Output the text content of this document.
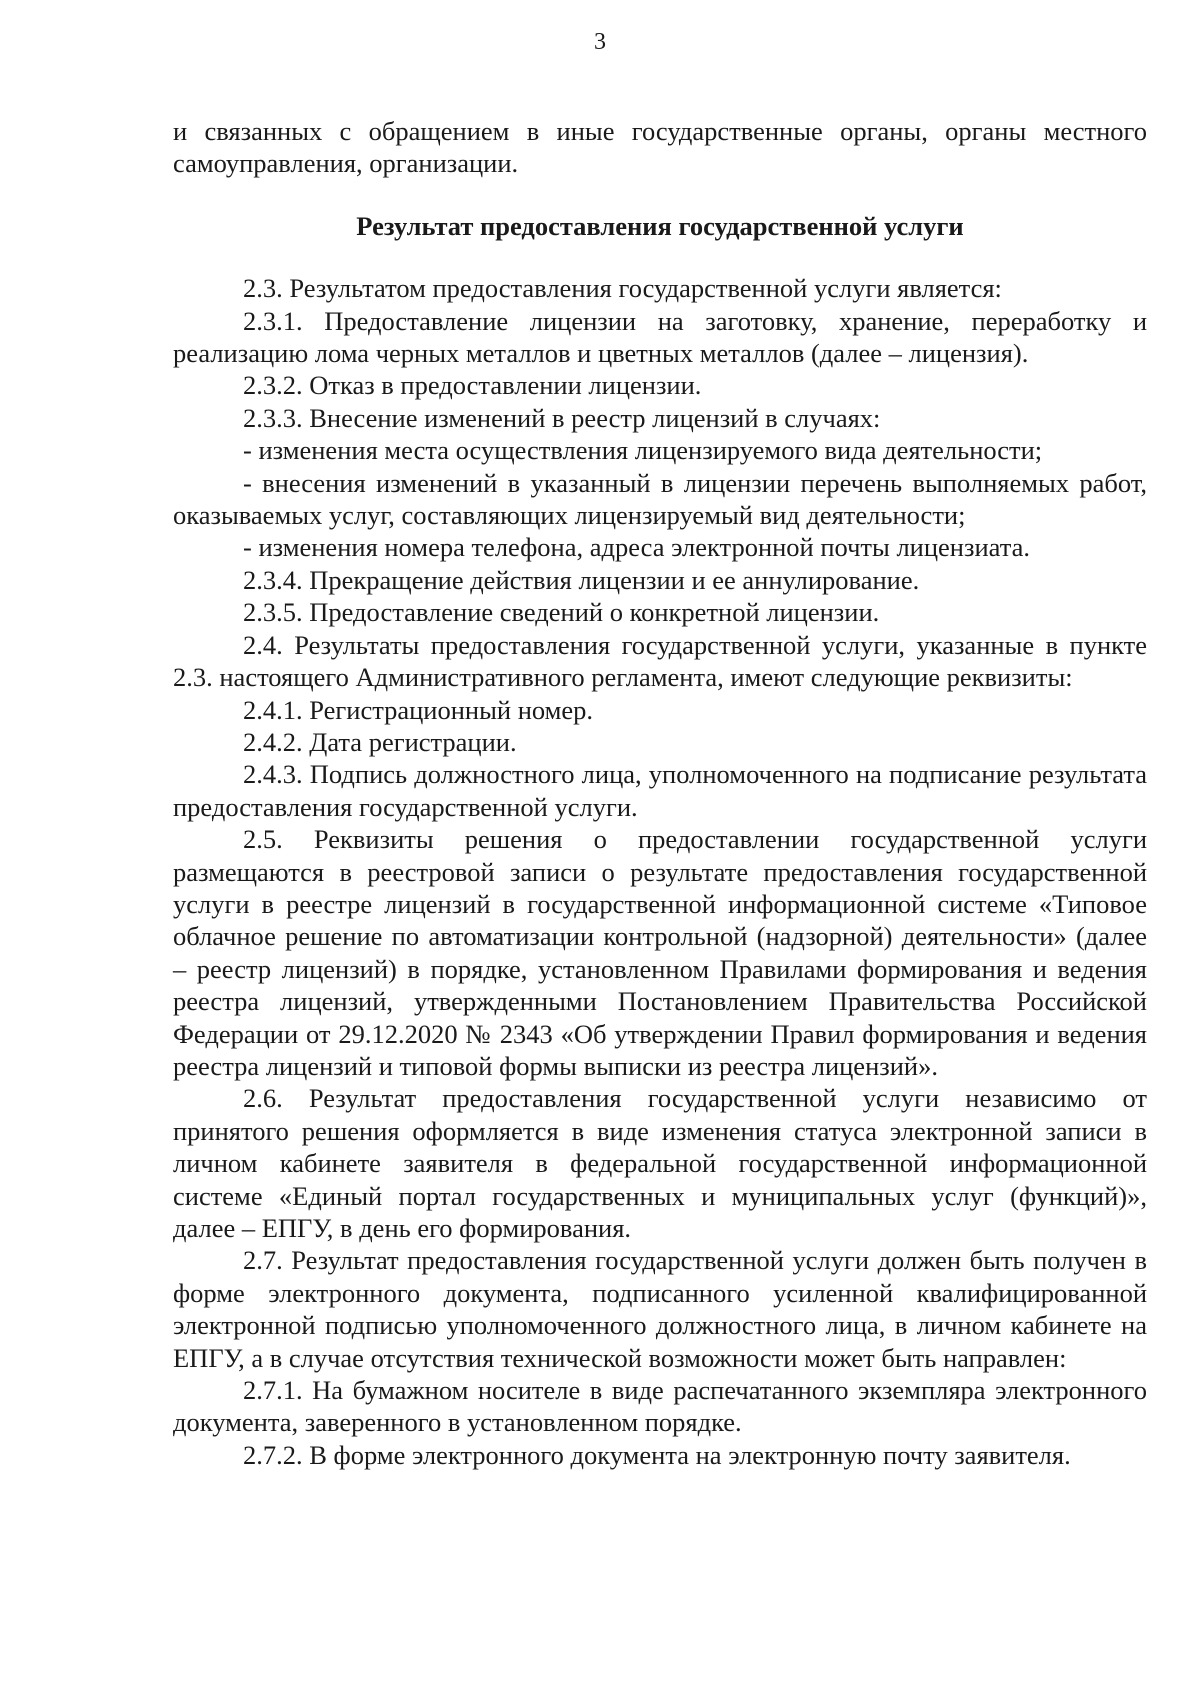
3

и связанных с обращением в иные государственные органы, органы местного самоуправления, организации.

Результат предоставления государственной услуги

2.3. Результатом предоставления государственной услуги является:

2.3.1. Предоставление лицензии на заготовку, хранение, переработку и реализацию лома черных металлов и цветных металлов (далее – лицензия).

2.3.2. Отказ в предоставлении лицензии.

2.3.3. Внесение изменений в реестр лицензий в случаях:

- изменения места осуществления лицензируемого вида деятельности;

- внесения изменений в указанный в лицензии перечень выполняемых работ, оказываемых услуг, составляющих лицензируемый вид деятельности;

- изменения номера телефона, адреса электронной почты лицензиата.

2.3.4. Прекращение действия лицензии и ее аннулирование.

2.3.5. Предоставление сведений о конкретной лицензии.

2.4. Результаты предоставления государственной услуги, указанные в пункте 2.3. настоящего Административного регламента, имеют следующие реквизиты:

2.4.1. Регистрационный номер.

2.4.2. Дата регистрации.

2.4.3. Подпись должностного лица, уполномоченного на подписание результата предоставления государственной услуги.

2.5. Реквизиты решения о предоставлении государственной услуги размещаются в реестровой записи о результате предоставления государственной услуги в реестре лицензий в государственной информационной системе «Типовое облачное решение по автоматизации контрольной (надзорной) деятельности» (далее – реестр лицензий) в порядке, установленном Правилами формирования и ведения реестра лицензий, утвержденными Постановлением Правительства Российской Федерации от 29.12.2020 № 2343 «Об утверждении Правил формирования и ведения реестра лицензий и типовой формы выписки из реестра лицензий».

2.6. Результат предоставления государственной услуги независимо от принятого решения оформляется в виде изменения статуса электронной записи в личном кабинете заявителя в федеральной государственной информационной системе «Единый портал государственных и муниципальных услуг (функций)», далее – ЕПГУ, в день его формирования.

2.7. Результат предоставления государственной услуги должен быть получен в форме электронного документа, подписанного усиленной квалифицированной электронной подписью уполномоченного должностного лица, в личном кабинете на ЕПГУ, а в случае отсутствия технической возможности может быть направлен:

2.7.1. На бумажном носителе в виде распечатанного экземпляра электронного документа, заверенного в установленном порядке.

2.7.2. В форме электронного документа на электронную почту заявителя.
